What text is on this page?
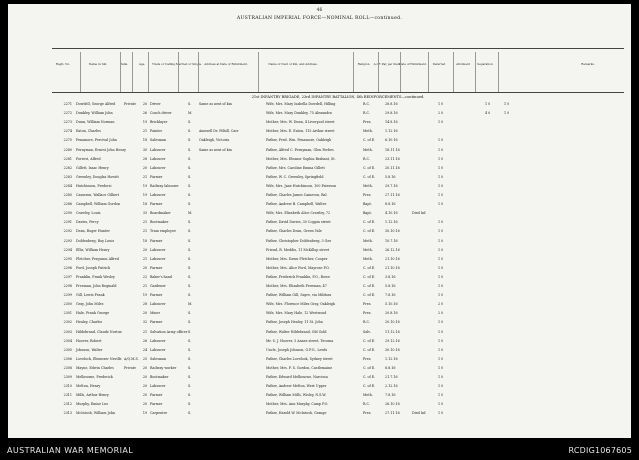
46
AUSTRALIAN IMPERIAL FORCE—NOMINAL ROLL—continued.
Regtl. No.	Name in full.	Rank.	Age. Trade or Calling. Married or Single. Address at Date of Enlistment.	Name of Next of Kin, and Address.	Religion. A.I.F. Pay per diem
Date of Enlistment. Deferred	Allotment	Separation	Remarks.
21st INFANTRY BRIGADE, 23rd INFANTRY BATTALION, 4th REINFORCEMENTS—continued.
2271 Dowdell, George Alfred	Private	20 Driver	S.	Same as next of kin	Wife, Mrs. Mary Isabella Dowdell, Hilling	R.C.	28.8.16	1 0	1 0	1 0
2272 Dunkley, William John	26 Coach driver	M.	Wife, Mrs. Mary Dunkley, 75 Alexandra	R.C.	29.8.16	2 0	4 0	1 0
2273 Dunn, William Norman	19 Bricklayer	S.	Mother, Mrs. W. Dunn, 4 Liverpool street	Pres.	14.8.16	1 0
2274 Eaton, Charles	21 Painter	S.	Amesell Dr. Pilbill, Carr	Mother, Mrs. E. Eaton, 115 Arthur street	Meth.	1.12.16
2275 Fenamore, Percival John	18 Salesman	S.	Oakleigh, Victoria	Father, Fred. Wm. Fenamore, Oakleigh	C. of E.	6.10.16	1 0
2280 Fernyman, Ernest John Henry	30 Labourer	S.	Same as next of kin	Father, Alfred C. Fernyman, Glen Forbes	Meth.	18.11.16	1 0
2281 Forrest, Alfred	28 Labourer	S.	Mother, Mrs. Eleanor Sophia Brabant, St.	R.C.	23.11.16	1 0
2282 Gillett, Isaac Henry	20 Labourer	S.	Father, Mrs. Caroline Emma Gillett	C. of E.	20.11.16	1 0
2283 Greenley, Douglas Howitt	21 Farmer	S.	Father, W. C. Greenley, Springfield	C. of E.	5.8.16	1 0
2284 Hutchinson, Frederic	19 Railway labourer	S.	Wife, Mrs. Jane Hutchinson, 100 Paterson	Meth.	29.7.16	1 0
2285 Cameron, Wallace Gilbert	19 Labourer	S.	Father, Charles James Cameron, Bal	Pres.	27.11.16	1 0
2286 Campbell, William Gordon	18 Farmer	S.	Father, Andrew B. Campbell, Walter	Bapt.	8.8.16	1 0
2290 Crawley, Louis	33 Boardmaker	M.	Wife, Mrs. Elizabeth Alice Crawley, 72	Bapt.	4.10.16	Died Inf.
2291 Davies, Percy	21 Bootmaker	S.	Father, David Davies, 30 Coppin street	C. of E.	1.12.16	1 0
2292 Dean, Roger Hunter	21 Tram employee	S.	Father, Charles Dean, Green Vale	C. of E.	30.10.16	1 0
2293 Doldenberg, Roy Louis	18 Farmer	S.	Father, Christopher Doldenberg, 3 Gee	Meth.	10.7.16	1 0
2294 Ellis, William Henry	20 Labourer	S.	Friend, R. Meddis, 11 McKillop street	Meth.	26.12.16	1 0
2295 Fletcher, Ferguson Alfred	21 Labourer	S.	Mother, Mrs. Dawn Fletcher, Cooper	Meth.	21.10.16	1 0
2296 Ford, Joseph Patrick	20 Farmer	S.	Mother, Mrs. Alice Ford, Mayrose P.O.	C. of E.	21.10.16	1 0
2297 Franklin, Frank Wesley	22 Baker's hand	S.	Father, Frederick Franklin, P.O., Rowe	C. of E.	3.8.16	1 0
2298 Freeman, John Reginald	21 Gardener	S.	Mother, Mrs. Elizabeth Freeman, 47	C. of E.	5.8.16	1 0
2299 Gill, Lewis Frank	19 Farmer	S.	Father, William Gill, Sayre, via Mildura	C. of E.	7.8.16	1 0
2300 Gray, John Miles	28 Labourer	M.	Wife, Mrs. Florence Miles Gray, Oakleigh	Pres.	5.10.16	2 0
2301 Hale, Frank George	20 Miner	S.	Wife, Mrs. Mary Hale, 12 Westwood	Pres.	20.8.16	2 0
2302 Healey, Charles	32 Farmer	S.	Father, Joseph Healey, 11 St. John	R.C.	20.10.16	1 0
2303 Hildebrand, Claude Norton	21 Salvation Army officer S.	Father, Walter Hildebrand, Old Gold	Salv.	11.12.16	1 0
2304 Hoover, Robert	26 Labourer	S.	Mr. S. J. Hoover, 3 Annes street, Tecoma	C. of E.	29.12.16	1 0
2305 Johnson, Walter	24 Labourer	S.	Uncle, Joseph Johnson, G.P.O., Leeds	C. of E.	30.10.16	1 0
2306 Lovelock, Ebenezer Neville A/Q.M.S. 25 Salesman	S.	Father, Charles Lovelock, Sydney street	Pres.	1.12.16	1 0
2308 Mayne, Edwin Charles	Private	20 Railway worker	S.	Mother, Mrs. F. S. Gordon, Castlemaine	C. of E.	8.8.16	1 0
2309 Melbourne, Frederick	20 Bootmaker	S.	Father, Edward Melbourne, Narcissa	C. of E.	21.7.16	1 0
2310 Melton, Henry	20 Labourer	S.	Father, Andrew Melton, West Upper	C. of E.	2.12.16	1 0
2311 Mills, Arthur Henry	20 Farmer	S.	Father, William Mills, Wisley, N.S.W.	Meth.	7.8.16	1 0
2312 Murphy, Emise Leo	20 Farmer	S.	Mother, Mrs. Ann Murphy, Camp P.O.	R.C.	26.10.16	1 0
2313 McIntosh, William John	19 Carpenter	S.	Father, Harold W. McIntosh, Grange	Pres.	27.11.16	Died Inf.	1 0
AUSTRALIAN WAR MEMORIAL	RCDIG1067605
